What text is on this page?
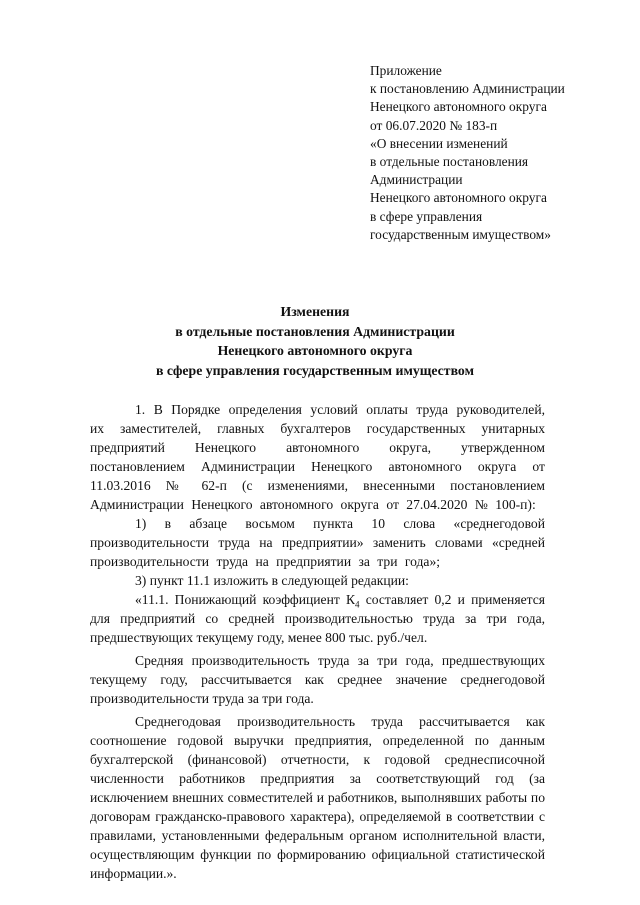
Приложение
к постановлению Администрации
Ненецкого автономного округа
от 06.07.2020 № 183-п
«О внесении изменений
в отдельные постановления
Администрации
Ненецкого автономного округа
в сфере управления
государственным имуществом»
Изменения
в отдельные постановления Администрации
Ненецкого автономного округа
в сфере управления государственным имуществом

1. В Порядке определения условий оплаты труда руководителей, их заместителей, главных бухгалтеров государственных унитарных предприятий Ненецкого автономного округа, утвержденном постановлением Администрации Ненецкого автономного округа от 11.03.2016 № 62-п (с изменениями, внесенными постановлением Администрации Ненецкого автономного округа от 27.04.2020 № 100-п):

1) в абзаце восьмом пункта 10 слова «среднегодовой производительности труда на предприятии» заменить словами «средней производительности труда на предприятии за три года»;

3) пункт 11.1 изложить в следующей редакции:

«11.1. Понижающий коэффициент $К_4$ составляет 0,2 и применяется для предприятий со средней производительностью труда за три года, предшествующих текущему году, менее 800 тыс. руб./чел.

Средняя производительность труда за три года, предшествующих текущему году, рассчитывается как среднее значение среднегодовой производительности труда за три года.

Среднегодовая производительность труда рассчитывается как соотношение годовой выручки предприятия, определенной по данным бухгалтерской (финансовой) отчетности, к годовой среднесписочной численности работников предприятия за соответствующий год (за исключением внешних совместителей и работников, выполнявших работы по договорам гражданско-правового характера), определяемой в соответствии с правилами, установленными федеральным органом исполнительной власти, осуществляющим функции по формированию официальной статистической информации.».
